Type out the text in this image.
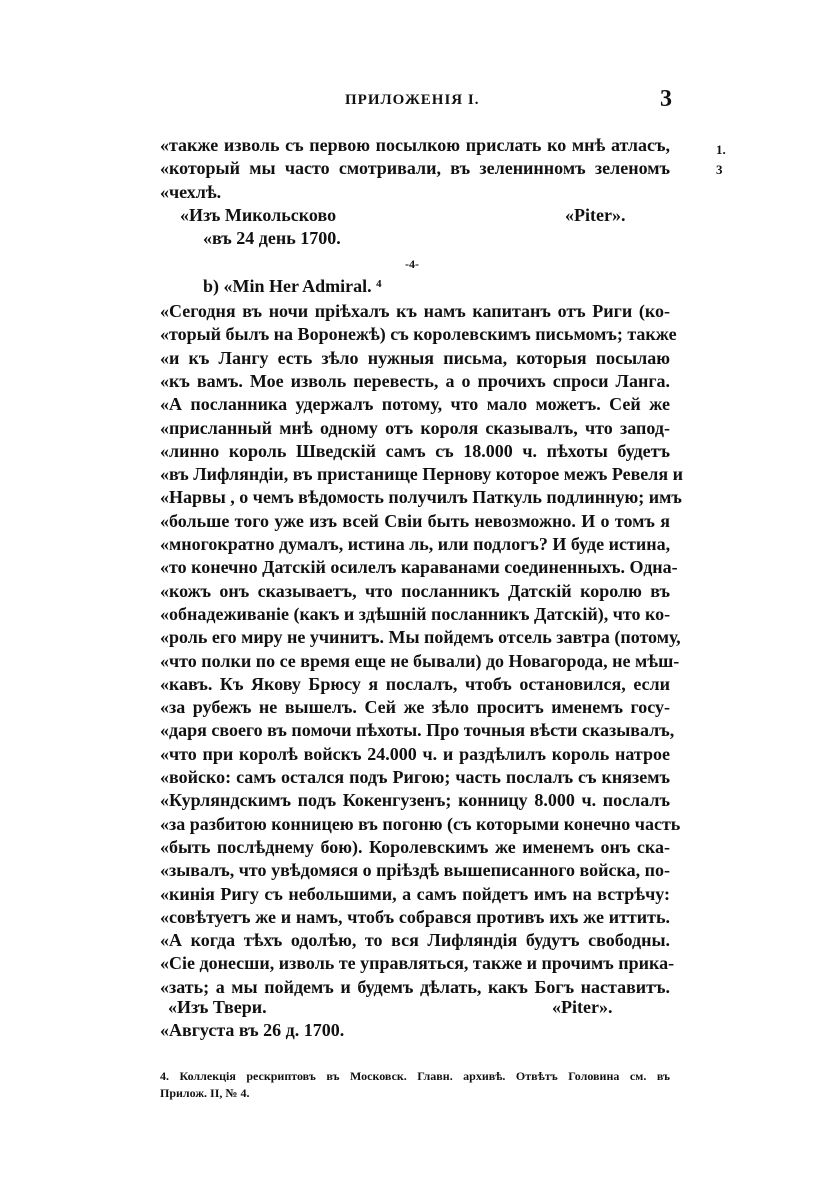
ПРИЛОЖЕНІЯ І.	3
1.
3
«также изволь съ первою посылкою прислать ко мнѣ атласъ,
«который мы часто смотривали, въ зеленинномъ зеленомъ
«чехлѣ.
«Изъ Микольсково	«Piter».
«въ 24 день 1700.
-4-
b) «Min Her Admiral. ⁴
«Сегодня въ ночи пріѣхалъ къ намъ капитанъ отъ Риги (ко-
«торый былъ на Воронежѣ) съ королевскимъ письмомъ; также
«и къ Лангу есть зѣло нужныя письма, которыя посылаю
«къ вамъ. Мое изволь перевесть, а о прочихъ спроси Ланга.
«А посланника удержалъ потому, что мало можетъ. Сей же
«присланный мнѣ одному отъ короля сказывалъ, что запод-
«линно король Шведскій самъ съ 18.000 ч. пѣхоты будетъ
«въ Лифляндіи, въ пристанище Пернову которое межъ Ревеля и
«Нарвы , о чемъ вѣдомость получилъ Паткуль подлинную; имъ
«больше того уже изъ всей Свіи быть невозможно. И о томъ я
«многократно думалъ, истина ль, или подлогъ? И буде истина,
«то конечно Датскій осилелъ караванами соединенныхъ. Одна-
«кожъ онъ сказываетъ, что посланникъ Датскій королю въ
«обнадеживаніе (какъ и здѣшній посланникъ Датскій), что ко-
«роль его миру не учинитъ. Мы пойдемъ отсель завтра (потому,
«что полки по се время еще не бывали) до Новагорода, не мѣш-
«кавъ. Къ Якову Брюсу я послалъ, чтобъ остановился, если
«за рубежъ не вышелъ. Сей же зѣло проситъ именемъ госу-
«даря своего въ помочи пѣхоты. Про точныя вѣсти сказывалъ,
«что при королѣ войскъ 24.000 ч. и раздѣлилъ король натрое
«войско: самъ остался подъ Ригою; часть послалъ съ княземъ
«Курляндскимъ подъ Кокенгузенъ; конницу 8.000 ч. послалъ
«за разбитою конницею въ погоню (съ которыми конечно часть
«быть послѣднему бою). Королевскимъ же именемъ онъ ска-
«зывалъ, что увѣдомяся о пріѣздѣ вышеписанного войска, по-
«кинія Ригу съ небольшими, а самъ пойдетъ имъ на встрѣчу:
«совѣтуетъ же и намъ, чтобъ собрався противъ ихъ же иттить.
«А когда тѣхъ одолѣю, то вся Лифляндія будутъ свободны.
«Сіе донесши, изволь те управляться, также и прочимъ прика-
«зать; а мы пойдемъ и будемъ дѣлать, какъ Богъ наставитъ.
«Изъ Твери.	«Piter».
«Августа въ 26 д. 1700.
4. Коллекція рескриптовъ въ Московск. Главн. архивѣ. Отвѣтъ Головина см. въ
Прилож. II, № 4.
